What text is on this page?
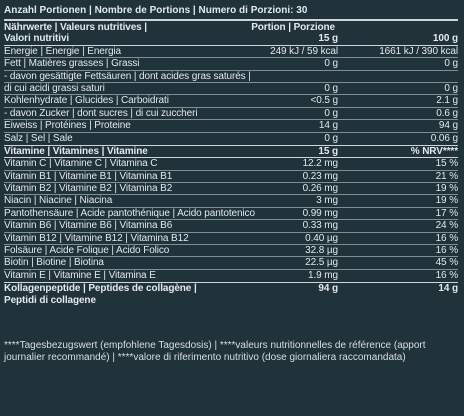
Anzahl Portionen | Nombre de Portions | Numero di Porzioni: 30
Nährwerte | Valeurs nutritives |	Portion | Porzione
Valori nutritivi	15 g	100 g
Energie | Énergie | Energia	249 kJ / 59 kcal	1661 kJ / 390 kcal
Fett | Matières grasses | Grassi	0 g	0 g
- davon gesättigte Fettsäuren | dont acides gras saturés |
di cui acidi grassi saturi	0 g	0 g
Kohlenhydrate | Glucides | Carboidrati	<0.5 g	2.1 g
- davon Zucker | dont sucres | di cui zuccheri	0 g	0.6 g
Eiweiss | Protéines | Proteine	14 g	94 g
Salz | Sel | Sale	0 g	0.06 g
Vitamine | Vitamines | Vitamine	15 g	% NRV****
Vitamin C | Vitamine C | Vitamina C	12.2 mg	15 %
Vitamin B1 | Vitamine B1 | Vitamina B1	0.23 mg	21 %
Vitamin B2 | Vitamine B2 | Vitamina B2	0.26 mg	19 %
Niacin | Niacine | Niacina	3 mg	19 %
Pantothensäure | Acide pantothénique | Acido pantotenico	0.99 mg	17 %
Vitamin B6 | Vitamine B6 | Vitamina B6	0.33 mg	24 %
Vitamin B12 | Vitamine B12 | Vitamina B12	0.40 µg	16 %
Folsäure | Acide Folique | Acido Folico	32.8 µg	16 %
Biotin | Biotine | Biotina	22.5 µg	45 %
Vitamin E | Vitamine E | Vitamina E	1.9 mg	16 %
Kollagenpeptide | Peptides de collagène |	94 g	14 g
Peptidi di collagene
****Tagesbezugswert (empfohlene Tagesdosis) | ****valeurs nutritionnelles de référence (apport journalier recommandé) | ****valore di riferimento nutritivo (dose giornaliera raccomandata)
